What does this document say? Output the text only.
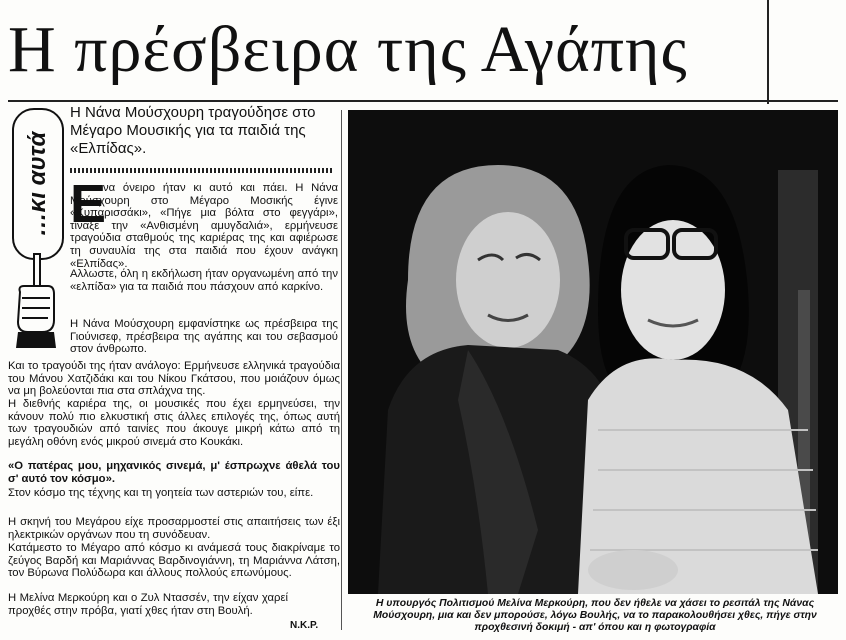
Η πρέσβειρα της Αγάπης
…κι αυτά
Η Νάνα Μούσχουρη τραγούδησε στο Μέγαρο Μουσικής για τα παιδιά της «Ελπίδας».
Ε

να όνειρο ήταν κι αυτό και πάει. Η Νάνα Μούσχουρη στο Μέγαρο Μοσικής έγινε «Κυπαρισσάκι», «Πήγε μια βόλτα στο φεγγάρι», τίναξε την «Ανθισμένη αμυγδαλιά», ερμήνευσε τραγούδια σταθμούς της καριέρας της και αφιέρωσε τη συναυλία της στα παιδιά που έχουν ανάγκη «Ελπίδας».

Αλλωστε, όλη η εκδήλωση ήταν οργανωμένη από την «ελπίδα» για τα παιδιά που πάσχουν από καρκίνο.

Η Νάνα Μούσχουρη εμφανίστηκε ως πρέσβειρα της Γιούνισεφ, πρέσβειρα της αγάπης και του σεβασμού στον άνθρωπο.

Και το τραγούδι της ήταν ανάλογο: Ερμήνευσε ελληνικά τραγούδια του Μάνου Χατζιδάκι και του Νίκου Γκάτσου, που μοιάζουν όμως να μη βολεύονται πια στα σπλάχνα της.

Η διεθνής καριέρα της, οι μουσικές που έχει ερμηνεύσει, την κάνουν πολύ πιο ελκυστική στις άλλες επιλογές της, όπως αυτή των τραγουδιών από ταινίες που άκουγε μικρή κάτω από τη μεγάλη οθόνη ενός μικρού σινεμά στο Κουκάκι.

«Ο πατέρας μου, μηχανικός σινεμά, μ' έσπρωχνε άθελά του σ' αυτό τον κόσμο».

Στον κόσμο της τέχνης και τη γοητεία των αστεριών του, είπε.

Η σκηνή του Μεγάρου είχε προσαρμοστεί στις απαιτήσεις των έξι ηλεκτρικών οργάνων που τη συνόδευαν.

Κατάμεστο το Μέγαρο από κόσμο κι ανάμεσά τους διακρίναμε το ζεύγος Βαρδή και Μαριάννας Βαρδινογιάννη, τη Μαριάννα Λάτση, τον Βύρωνα Πολύδωρα και άλλους πολλούς επωνύμους.

Η Μελίνα Μερκούρη και ο Ζυλ Ντασσέν, την είχαν χαρεί προχθές στην πρόβα, γιατί χθες ήταν στη Βουλή.

N.K.P.

Η υπουργός Πολιτισμού Μελίνα Μερκούρη, που δεν ήθελε να χάσει το ρεσιτάλ της Νάνας Μούσχουρη, μια και δεν μπορούσε, λόγω Βουλής, να το παρακολουθήσει χθες, πήγε στην προχθεσινή δοκιμή - απ' όπου και η φωτογραφία
